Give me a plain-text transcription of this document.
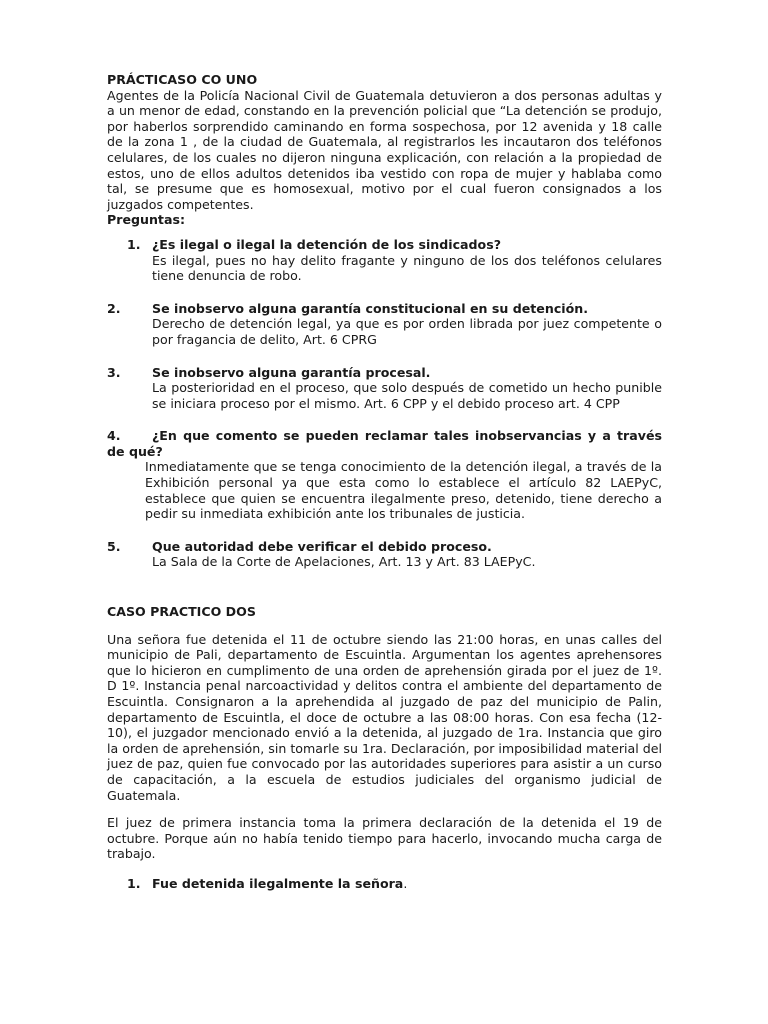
PRÁCTICASO CO UNO

Agentes de la Policía Nacional Civil de Guatemala detuvieron a dos personas adultas y a un menor de edad, constando en la prevención policial que “La detención se produjo, por haberlos sorprendido caminando en forma sospechosa, por 12 avenida y 18 calle de la zona 1 , de la ciudad de Guatemala, al registrarlos les incautaron dos teléfonos celulares, de los cuales no dijeron ninguna explicación, con relación a la propiedad de estos, uno de ellos adultos detenidos iba vestido con ropa de mujer y hablaba como tal, se presume que es homosexual, motivo por el cual fueron consignados a los juzgados competentes.

Preguntas:

1. ¿Es ilegal o ilegal la detención de los sindicados?

Es ilegal, pues no hay delito fragante y ninguno de los dos teléfonos celulares tiene denuncia de robo.

2. Se inobservo alguna garantía constitucional en su detención.

Derecho de detención legal, ya que es por orden librada por juez competente o por fragancia de delito, Art. 6 CPRG

3. Se inobservo alguna garantía procesal.

La posterioridad en el proceso, que solo después de cometido un hecho punible se iniciara proceso por el mismo. Art. 6 CPP y el debido proceso art. 4 CPP

4.	¿En que comento se pueden reclamar tales inobservancias y a través de qué?

Inmediatamente que se tenga conocimiento de la detención ilegal, a través de la Exhibición personal ya que esta como lo establece el artículo 82 LAEPyC, establece que quien se encuentra ilegalmente preso, detenido, tiene derecho a pedir su inmediata exhibición ante los tribunales de justicia.

5. Que autoridad debe verificar el debido proceso.

La Sala de la Corte de Apelaciones, Art. 13 y Art. 83 LAEPyC.

CASO PRACTICO DOS

Una señora fue detenida el 11 de octubre siendo las 21:00 horas, en unas calles del municipio de Pali, departamento de Escuintla. Argumentan los agentes aprehensores que lo hicieron en cumplimento de una orden de aprehensión girada por el juez de 1º. D 1º. Instancia penal narcoactividad y delitos contra el ambiente del departamento de Escuintla. Consignaron a la aprehendida al juzgado de paz del municipio de Palin, departamento de Escuintla, el doce de octubre a las 08:00 horas. Con esa fecha (12-10), el juzgador mencionado envió a la detenida, al juzgado de 1ra. Instancia que giro la orden de aprehensión, sin tomarle su 1ra. Declaración, por imposibilidad material del juez de paz, quien fue convocado por las autoridades superiores para asistir a un curso de capacitación, a la escuela de estudios judiciales del organismo judicial de Guatemala.

El juez de primera instancia toma la primera declaración de la detenida el 19 de octubre. Porque aún no había tenido tiempo para hacerlo, invocando mucha carga de trabajo.

1. Fue detenida ilegalmente la señora.
